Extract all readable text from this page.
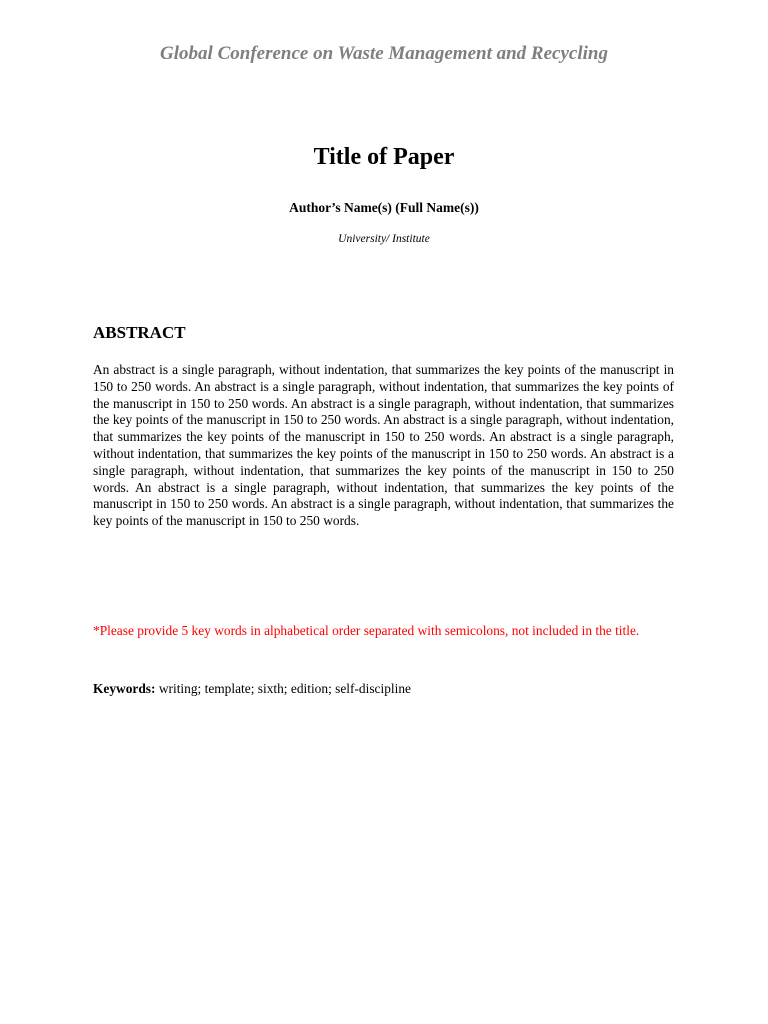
Global Conference on Waste Management and Recycling
Title of Paper
Author’s Name(s) (Full Name(s))
University/ Institute
ABSTRACT

An abstract is a single paragraph, without indentation, that summarizes the key points of the manuscript in 150 to 250 words. An abstract is a single paragraph, without indentation, that summarizes the key points of the manuscript in 150 to 250 words. An abstract is a single paragraph, without indentation, that summarizes the key points of the manuscript in 150 to 250 words. An abstract is a single paragraph, without indentation, that summarizes the key points of the manuscript in 150 to 250 words. An abstract is a single paragraph, without indentation, that summarizes the key points of the manuscript in 150 to 250 words. An abstract is a single paragraph, without indentation, that summarizes the key points of the manuscript in 150 to 250 words. An abstract is a single paragraph, without indentation, that summarizes the key points of the manuscript in 150 to 250 words. An abstract is a single paragraph, without indentation, that summarizes the key points of the manuscript in 150 to 250 words.

*Please provide 5 key words in alphabetical order separated with semicolons, not included in the title.

Keywords: writing; template; sixth; edition; self-discipline
